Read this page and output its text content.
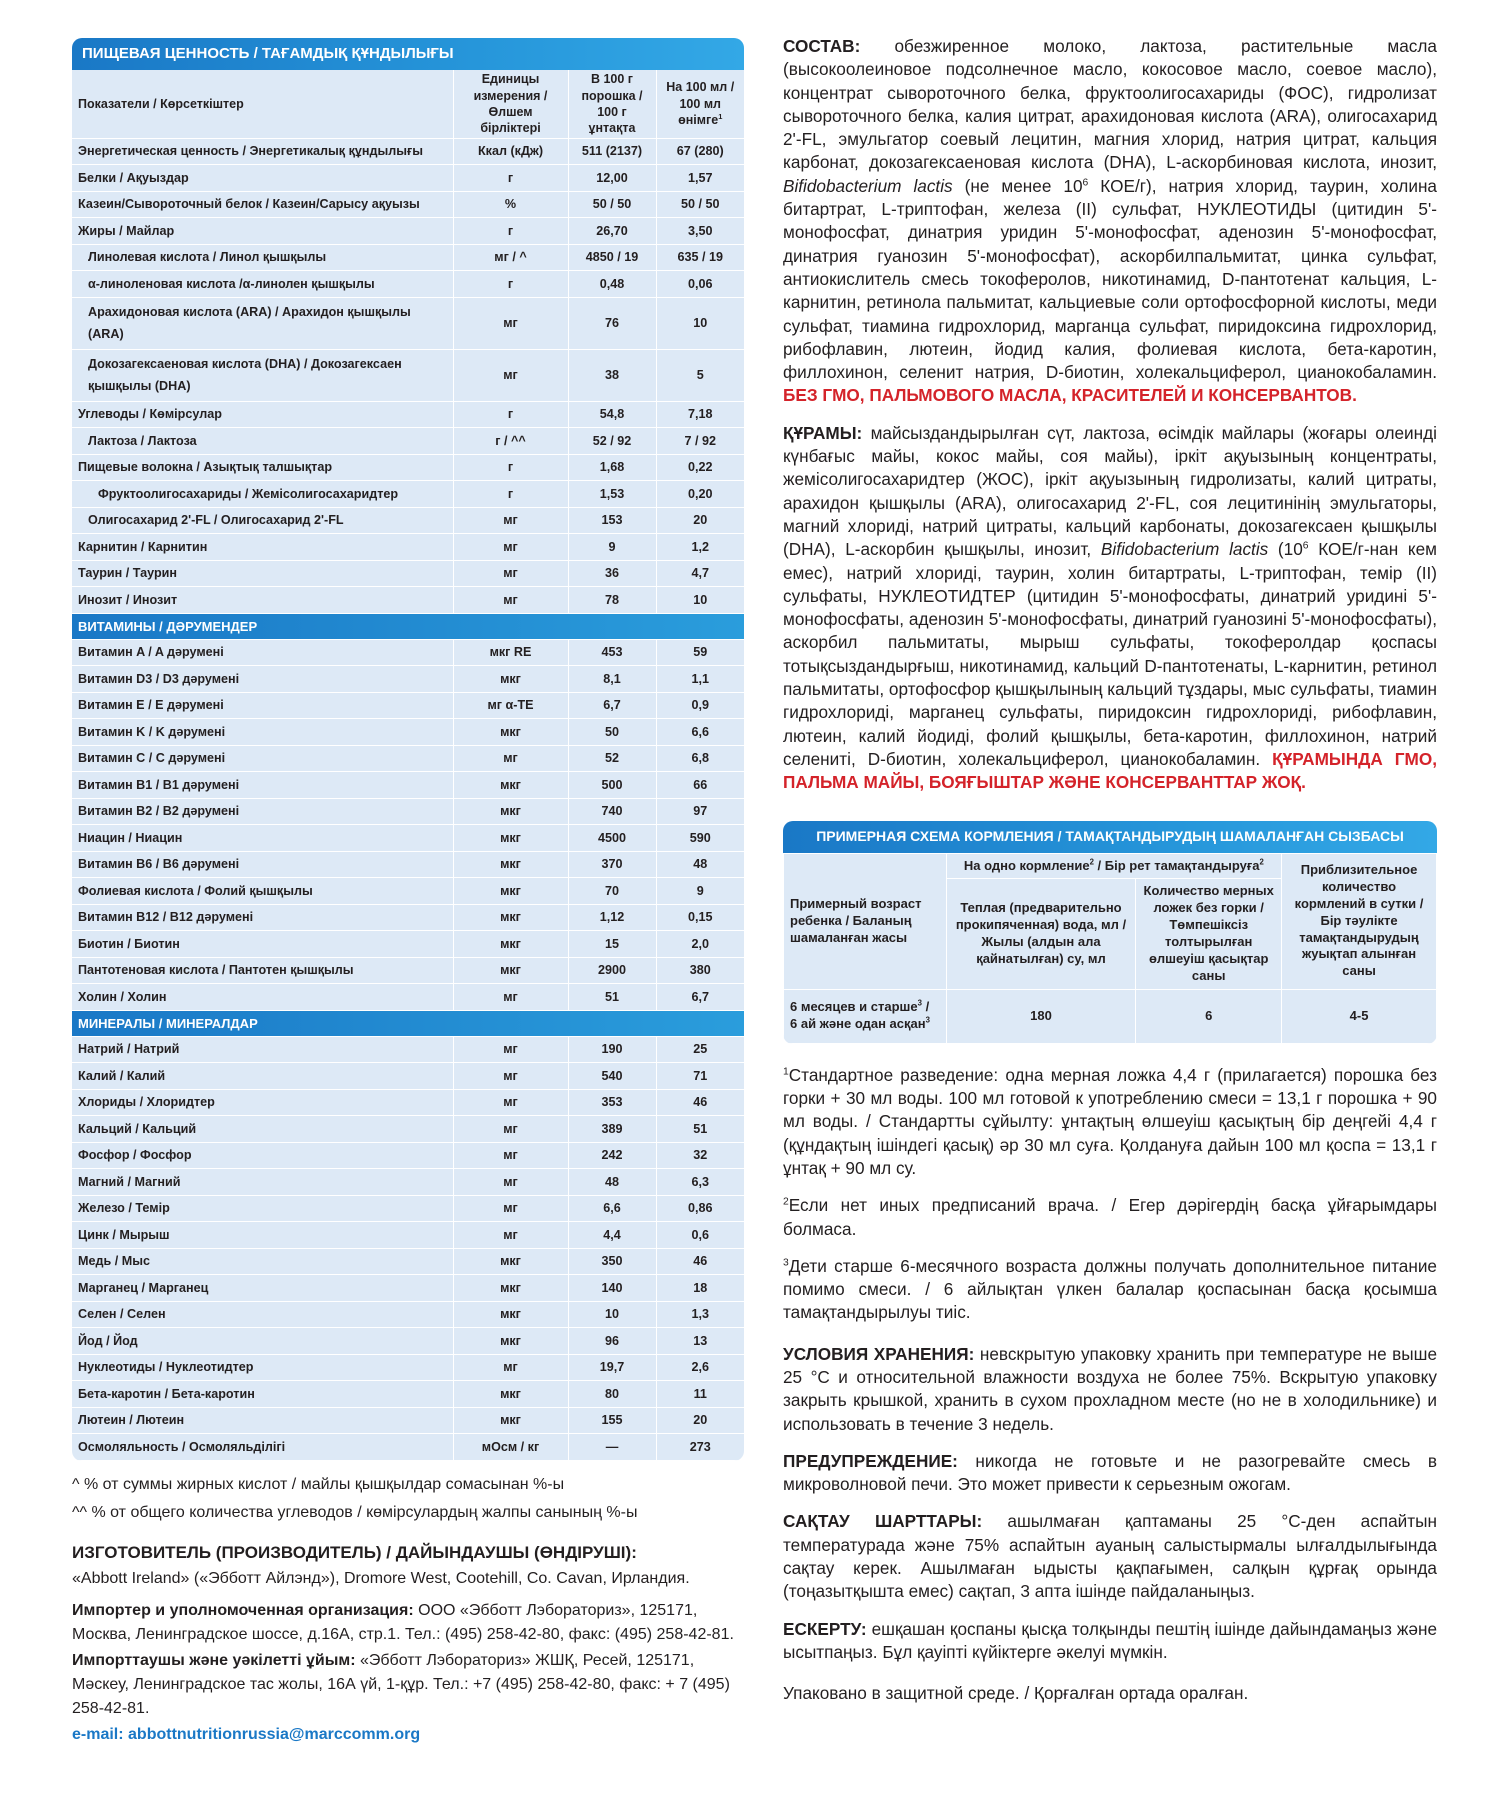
ПИЩЕВАЯ ЦЕННОСТЬ / ТАҒАМДЫҚ ҚҰНДЫЛЫҒЫ
Показатели / Көрсеткіштер	Единицы измерения / Өлшем бірліктері	В 100 г порошка / 100 г ұнтақта	На 100 мл / 100 мл өнімге$^1$
Энергетическая ценность / Энергетикалық құндылығы	Ккал (кДж)	511 (2137)	67 (280)
Белки / Ақуыздар	г	12,00	1,57
Казеин/Сывороточный белок / Казеин/Сарысу ақуызы	%	50 / 50	50 / 50
Жиры / Майлар	г	26,70	3,50
Линолевая кислота / Линол қышқылы	мг / ^	4850 / 19	635 / 19
α-линоленовая кислота /α-линолен қышқылы	г	0,48	0,06
Арахидоновая кислота (ARA) / Арахидон қышқылы (ARA)	мг	76	10
Докозагексаеновая кислота (DHA) / Докозагексаен қышқылы (DHA)	мг	38	5
Углеводы / Көмірсулар	г	54,8	7,18
Лактоза / Лактоза	г / ^^	52 / 92	7 / 92
Пищевые волокна / Азықтық талшықтар	г	1,68	0,22
Фруктоолигосахариды / Жемісолигосахаридтер	г	1,53	0,20
Олигосахарид 2'-FL / Олигосахарид 2'-FL	мг	153	20
Карнитин / Карнитин	мг	9	1,2
Таурин / Таурин	мг	36	4,7
Инозит / Инозит	мг	78	10
ВИТАМИНЫ / ДӘРУМЕНДЕР			
Витамин A / A дәрумені	мкг RE	453	59
Витамин D3 / D3 дәрумені	мкг	8,1	1,1
Витамин E / E дәрумені	мг α-ТЕ	6,7	0,9
Витамин K / K дәрумені	мкг	50	6,6
Витамин C / C дәрумені	мг	52	6,8
Витамин B1 / B1 дәрумені	мкг	500	66
Витамин B2 / B2 дәрумені	мкг	740	97
Ниацин / Ниацин	мкг	4500	590
Витамин B6 / B6 дәрумені	мкг	370	48
Фолиевая кислота / Фолий қышқылы	мкг	70	9
Витамин B12 / B12 дәрумені	мкг	1,12	0,15
Биотин / Биотин	мкг	15	2,0
Пантотеновая кислота / Пантотен қышқылы	мкг	2900	380
Холин / Холин	мг	51	6,7
МИНЕРАЛЫ / МИНЕРАЛДАР			
Натрий / Натрий	мг	190	25
Калий / Калий	мг	540	71
Хлориды / Хлоридтер	мг	353	46
Кальций / Кальций	мг	389	51
Фосфор / Фосфор	мг	242	32
Магний / Магний	мг	48	6,3
Железо / Темір	мг	6,6	0,86
Цинк / Мырыш	мг	4,4	0,6
Медь / Мыс	мкг	350	46
Марганец / Марганец	мкг	140	18
Селен / Селен	мкг	10	1,3
Йод / Йод	мкг	96	13
Нуклеотиды / Нуклеотидтер	мг	19,7	2,6
Бета-каротин / Бета-каротин	мкг	80	11
Лютеин / Лютеин	мкг	155	20
Осмоляльность / Осмоляльділігі	мОсм / кг	—	273
^ % от суммы жирных кислот / майлы қышқылдар сомасынан %-ы
^^ % от общего количества углеводов / көмірсулардың жалпы санының %-ы

ИЗГОТОВИТЕЛЬ (ПРОИЗВОДИТЕЛЬ) / ДАЙЫНДАУШЫ (ӨНДІРУШІ):

«Abbott Ireland» («Эбботт Айлэнд»), Dromore West, Cootehill, Co. Cavan, Ирландия.

Импортер и уполномоченная организация: ООО «Эбботт Лэбораториз», 125171, Москва, Ленинградское шоссе, д.16А, стр.1. Тел.: (495) 258-42-80, факс: (495) 258-42-81.

Импорттаушы және уәкілетті ұйым: «Эбботт Лэбораториз» ЖШҚ, Ресей, 125171, Мәскеу, Ленинградское тас жолы, 16А үй, 1-құр. Тел.: +7 (495) 258-42-80, факс: + 7 (495) 258-42-81.

e-mail: abbottnutritionrussia@marccomm.org

СОСТАВ: обезжиренное молоко, лактоза, растительные масла (высокоолеиновое подсолнечное масло, кокосовое масло, соевое масло), концентрат сывороточного белка, фруктоолигосахариды (ФОС), гидролизат сывороточного белка, калия цитрат, арахидоновая кислота (ARA), олигосахарид 2'-FL, эмульгатор соевый лецитин, магния хлорид, натрия цитрат, кальция карбонат, докозагексаеновая кислота (DHA), L-аскорбиновая кислота, инозит, Bifidobacterium lactis (не менее $10^6$ КОЕ/г), натрия хлорид, таурин, холина битартрат, L-триптофан, железа (II) сульфат, НУКЛЕОТИДЫ (цитидин 5'-монофосфат, динатрия уридин 5'-монофосфат, аденозин 5'-монофосфат, динатрия гуанозин 5'-монофосфат), аскорбилпальмитат, цинка сульфат, антиокислитель смесь токоферолов, никотинамид, D-пантотенат кальция, L-карнитин, ретинола пальмитат, кальциевые соли ортофосфорной кислоты, меди сульфат, тиамина гидрохлорид, марганца сульфат, пиридоксина гидрохлорид, рибофлавин, лютеин, йодид калия, фолиевая кислота, бета-каротин, филлохинон, селенит натрия, D-биотин, холекальциферол, цианокобаламин. БЕЗ ГМО, ПАЛЬМОВОГО МАСЛА, КРАСИТЕЛЕЙ И КОНСЕРВАНТОВ.

ҚҰРАМЫ: майсыздандырылған сүт, лактоза, өсімдік майлары (жоғары олеинді күнбағыс майы, кокос майы, соя майы), іркіт ақуызының концентраты, жемісолигосахаридтер (ЖОС), іркіт ақуызының гидролизаты, калий цитраты, арахидон қышқылы (ARA), олигосахарид 2'-FL, соя лецитинінің эмульгаторы, магний хлориді, натрий цитраты, кальций карбонаты, докозагексаен қышқылы (DHA), L-аскорбин қышқылы, инозит, Bifidobacterium lactis ($10^6$ КОЕ/г-нан кем емес), натрий хлориді, таурин, холин битартраты, L-триптофан, темір (II) сульфаты, НУКЛЕОТИДТЕР (цитидин 5'-монофосфаты, динатрий уридині 5'-монофосфаты, аденозин 5'-монофосфаты, динатрий гуанозині 5'-монофосфаты), аскорбил пальмитаты, мырыш сульфаты, токоферолдар қоспасы тотықсыздандырғыш, никотинамид, кальций D-пантотенаты, L-карнитин, ретинол пальмитаты, ортофосфор қышқылының кальций тұздары, мыс сульфаты, тиамин гидрохлориді, марганец сульфаты, пиридоксин гидрохлориді, рибофлавин, лютеин, калий йодиді, фолий қышқылы, бета-каротин, филлохинон, натрий селениті, D-биотин, холекальциферол, цианокобаламин. ҚҰРАМЫНДА ГМО, ПАЛЬМА МАЙЫ, БОЯҒЫШТАР ЖӘНЕ КОНСЕРВАНТТАР ЖОҚ.

ПРИМЕРНАЯ СХЕМА КОРМЛЕНИЯ / ТАМАҚТАНДЫРУДЫҢ ШАМАЛАНҒАН СЫЗБАСЫ
Примерный возраст ребенка / Баланың шамаланған жасы	На одно кормление$^2$ / Бір рет тамақтандыруға$^2$		Приблизительное количество кормлений в сутки / Бір тәулікте тамақтандырудың жуықтап алынған саны
	Теплая (предварительно прокипяченная) вода, мл / Жылы (алдын ала қайнатылған) су, мл	Количество мерных ложек без горки / Төмпешіксіз толтырылған өлшеуіш қасықтар саны	
6 месяцев и старше$^3$ / 6 ай және одан асқан$^3$	180	6	4-5

$^1$Стандартное разведение: одна мерная ложка 4,4 г (прилагается) порошка без горки + 30 мл воды. 100 мл готовой к употреблению смеси = 13,1 г порошка + 90 мл воды. / Стандартты сұйылту: ұнтақтың өлшеуіш қасықтың бір деңгейі 4,4 г (құндақтың ішіндегі қасық) әр 30 мл суға. Қолдануға дайын 100 мл қоспа = 13,1 г ұнтақ + 90 мл су.

$^2$Если нет иных предписаний врача. / Егер дәрігердің басқа ұйғарымдары болмаса.

$^3$Дети старше 6-месячного возраста должны получать дополнительное питание помимо смеси. / 6 айлықтан үлкен балалар қоспасынан басқа қосымша тамақтандырылуы тиіс.

УСЛОВИЯ ХРАНЕНИЯ: невскрытую упаковку хранить при температуре не выше 25 °С и относительной влажности воздуха не более 75%. Вскрытую упаковку закрыть крышкой, хранить в сухом прохладном месте (но не в холодильнике) и использовать в течение 3 недель.

ПРЕДУПРЕЖДЕНИЕ: никогда не готовьте и не разогревайте смесь в микроволновой печи. Это может привести к серьезным ожогам.

САҚТАУ ШАРТТАРЫ: ашылмаған қаптаманы 25 °С-ден аспайтын температурада және 75% аспайтын ауаның салыстырмалы ылғалдылығында сақтау керек. Ашылмаған ыдысты қақпағымен, салқын құрғақ орында (тоңазытқышта емес) сақтап, 3 апта ішінде пайдаланыңыз.

ЕСКЕРТУ: ешқашан қоспаны қысқа толқынды пештің ішінде дайындамаңыз және ысытпаңыз. Бұл қауіпті күйіктерге әкелуі мүмкін.

Упаковано в защитной среде. / Қорғалған ортада оралған.
